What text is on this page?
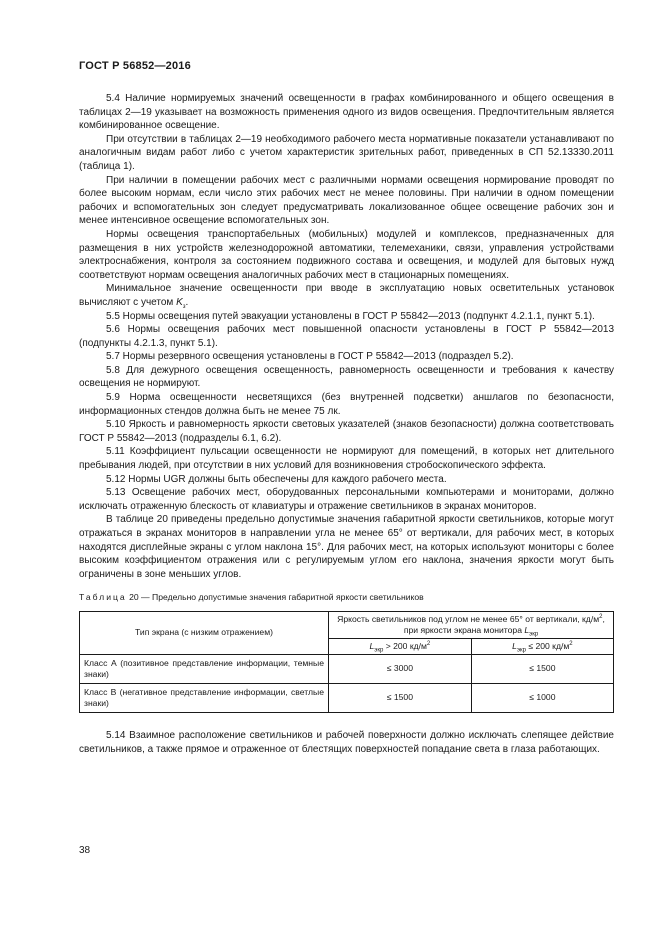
ГОСТ Р 56852—2016

5.4 Наличие нормируемых значений освещенности в графах комбинированного и общего освещения в таблицах 2—19 указывает на возможность применения одного из видов освещения. Предпочтительным является комбинированное освещение.

При отсутствии в таблицах 2—19 необходимого рабочего места нормативные показатели устанавливают по аналогичным видам работ либо с учетом характеристик зрительных работ, приведенных в СП 52.13330.2011 (таблица 1).

При наличии в помещении рабочих мест с различными нормами освещения нормирование проводят по более высоким нормам, если число этих рабочих мест не менее половины. При наличии в одном помещении рабочих и вспомогательных зон следует предусматривать локализованное общее освещение рабочих зон и менее интенсивное освещение вспомогательных зон.

Нормы освещения транспортабельных (мобильных) модулей и комплексов, предназначенных для размещения в них устройств железнодорожной автоматики, телемеханики, связи, управления устройствами электроснабжения, контроля за состоянием подвижного состава и освещения, и модулей для бытовых нужд соответствуют нормам освещения аналогичных рабочих мест в стационарных помещениях.

Минимальное значение освещенности при вводе в эксплуатацию новых осветительных установок вычисляют с учетом $K_з$.

5.5 Нормы освещения путей эвакуации установлены в ГОСТ Р 55842—2013 (подпункт 4.2.1.1, пункт 5.1).

5.6 Нормы освещения рабочих мест повышенной опасности установлены в ГОСТ Р 55842—2013 (подпункты 4.2.1.3, пункт 5.1).

5.7 Нормы резервного освещения установлены в ГОСТ Р 55842—2013 (подраздел 5.2).

5.8 Для дежурного освещения освещенность, равномерность освещенности и требования к качеству освещения не нормируют.

5.9 Норма освещенности несветящихся (без внутренней подсветки) аншлагов по безопасности, информационных стендов должна быть не менее 75 лк.

5.10 Яркость и равномерность яркости световых указателей (знаков безопасности) должна соответствовать ГОСТ Р 55842—2013 (подразделы 6.1, 6.2).

5.11 Коэффициент пульсации освещенности не нормируют для помещений, в которых нет длительного пребывания людей, при отсутствии в них условий для возникновения стробоскопического эффекта.

5.12 Нормы UGR должны быть обеспечены для каждого рабочего места.

5.13 Освещение рабочих мест, оборудованных персональными компьютерами и мониторами, должно исключать отраженную блескость от клавиатуры и отражение светильников в экранах мониторов.

В таблице 20 приведены предельно допустимые значения габаритной яркости светильников, которые могут отражаться в экранах мониторов в направлении угла не менее 65° от вертикали, для рабочих мест, в которых находятся дисплейные экраны с углом наклона 15°. Для рабочих мест, на которых используют мониторы с более высоким коэффициентом отражения или с регулируемым углом его наклона, значения яркости могут быть ограничены в зоне меньших углов.

Таблица 20 — Предельно допустимые значения габаритной яркости светильников

Тип экрана (с низким отражением)	Яркость светильников под углом не менее 65° от вертикали, $кд/м^2$, при яркости экрана монитора $L_{экр}$
	$L_{экр} > 200$ $кд/м^2$	$L_{экр} \le 200$ $кд/м^2$
Класс А (позитивное представление информации, темные знаки)	≤ 3000	≤ 1500
Класс В (негативное представление информации, светлые знаки)	≤ 1500	≤ 1000

5.14 Взаимное расположение светильников и рабочей поверхности должно исключать слепящее действие светильников, а также прямое и отраженное от блестящих поверхностей попадание света в глаза работающих.

38
